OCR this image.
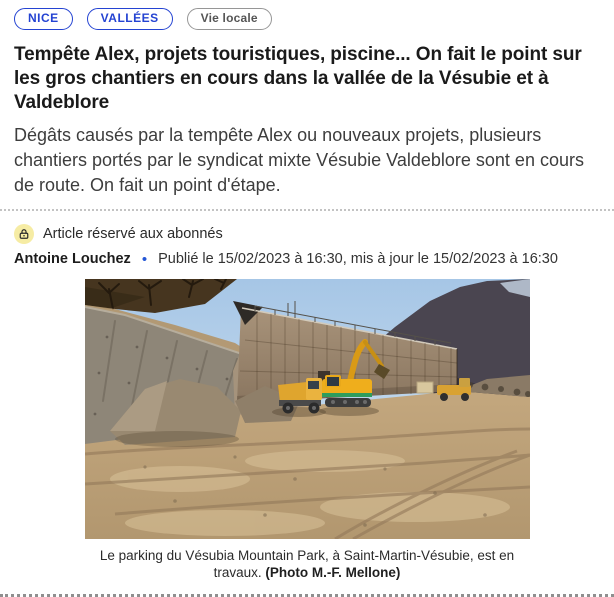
NICE	VALLÉES	Vie locale
Tempête Alex, projets touristiques, piscine... On fait le point sur les gros chantiers en cours dans la vallée de la Vésubie et à Valdeblore

Dégâts causés par la tempête Alex ou nouveaux projets, plusieurs chantiers portés par le syndicat mixte Vésubie Valdeblore sont en cours de route. On fait un point d'étape.

Article réservé aux abonnés
Antoine Louchez • Publié le 15/02/2023 à 16:30, mis à jour le 15/02/2023 à 16:30
Le parking du Vésubia Mountain Park, à Saint-Martin-Vésubie, est en travaux. (Photo M.-F. Mellone)
